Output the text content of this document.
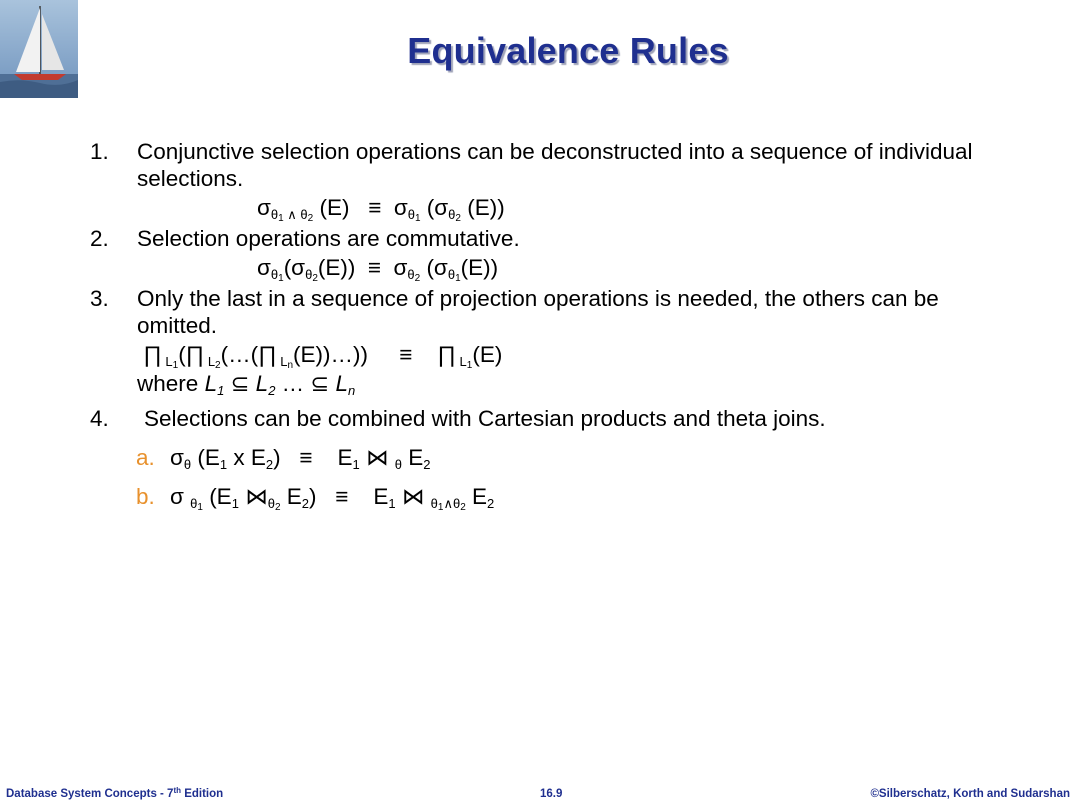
Equivalence Rules
1. Conjunctive selection operations can be deconstructed into a sequence of individual selections.
$\sigma_{\theta_1 \wedge \theta_2}$ $(E) \equiv \sigma_{\theta_1}$ ($\sigma_{\theta_2}$ (E))
2. Selection operations are commutative.
$\sigma_{\theta_1}(\sigma_{\theta_2}(E)) \equiv \sigma_{\theta_2}$ $(\sigma_{\theta_1}(E))$
3. Only the last in a sequence of projection operations is needed, the others can be omitted.
∏ $_{L_1}$(∏ $_{L_2}$(…(∏ $_{L_n}$(E))…))     ≡    ∏ $_{L_1}$(E)
where $L_1$ ⊆ $L_2$ … ⊆ $L_n$
4.	Selections can be combined with Cartesian products and theta joins.
a. $\sigma_\theta$ ($E_1$ x $E_2$)   ≡    $E_1$ ⋈ $_\theta$ $E_2$
b. σ $_{\theta_1}$ ($E_1$ $⋈_{\theta_2}$ $E_2$)   ≡    $E_1$ ⋈ $_{\theta_1\wedge\theta_2}$ $E_2$
Database System Concepts - 7th Edition	16.9	©Silberschatz, Korth and Sudarshan
